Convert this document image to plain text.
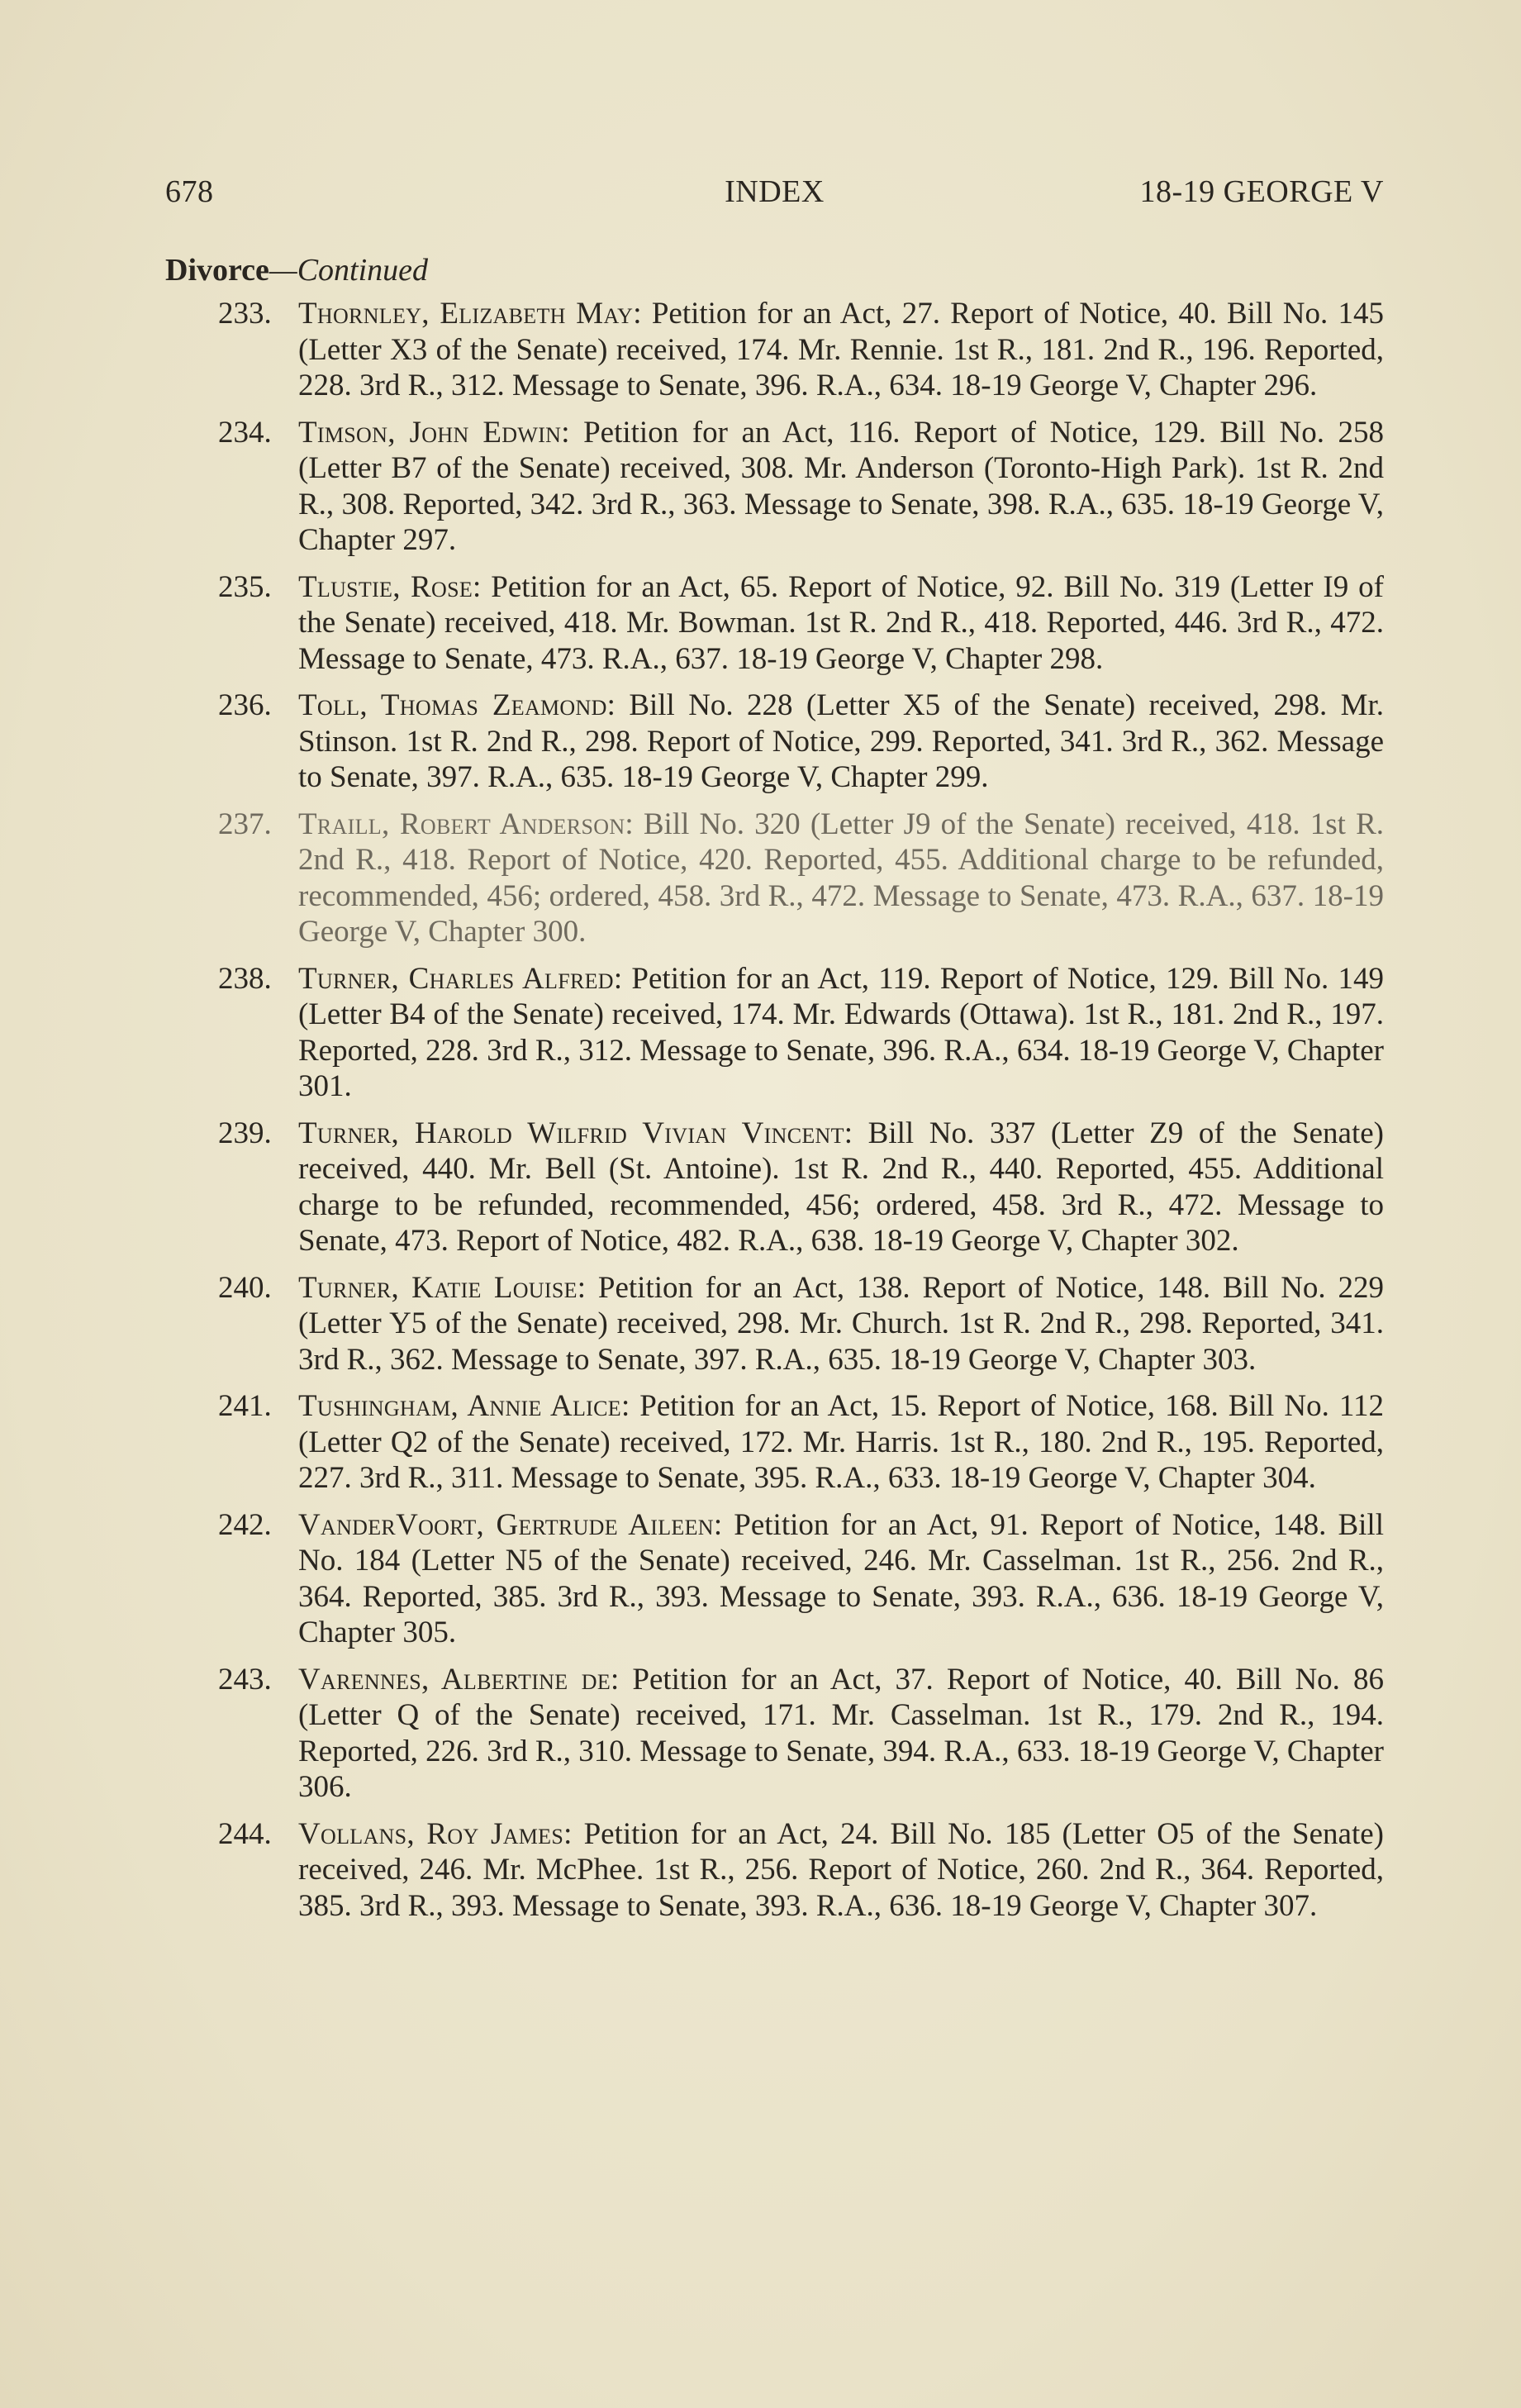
678	INDEX	18-19 GEORGE V
Divorce—Continued
233. Thornley, Elizabeth May: Petition for an Act, 27. Report of Notice, 40. Bill No. 145 (Letter X3 of the Senate) received, 174. Mr. Rennie. 1st R., 181. 2nd R., 196. Reported, 228. 3rd R., 312. Message to Senate, 396. R.A., 634. 18-19 George V, Chapter 296.
234. Timson, John Edwin: Petition for an Act, 116. Report of Notice, 129. Bill No. 258 (Letter B7 of the Senate) received, 308. Mr. Anderson (Toronto-High Park). 1st R. 2nd R., 308. Reported, 342. 3rd R., 363. Message to Senate, 398. R.A., 635. 18-19 George V, Chapter 297.
235. Tlustie, Rose: Petition for an Act, 65. Report of Notice, 92. Bill No. 319 (Letter I9 of the Senate) received, 418. Mr. Bowman. 1st R. 2nd R., 418. Reported, 446. 3rd R., 472. Message to Senate, 473. R.A., 637. 18-19 George V, Chapter 298.
236. Toll, Thomas Zeamond: Bill No. 228 (Letter X5 of the Senate) received, 298. Mr. Stinson. 1st R. 2nd R., 298. Report of Notice, 299. Reported, 341. 3rd R., 362. Message to Senate, 397. R.A., 635. 18-19 George V, Chapter 299.
237. Traill, Robert Anderson: Bill No. 320 (Letter J9 of the Senate) received, 418. 1st R. 2nd R., 418. Report of Notice, 420. Reported, 455. Additional charge to be refunded, recommended, 456; ordered, 458. 3rd R., 472. Message to Senate, 473. R.A., 637. 18-19 George V, Chapter 300.
238. Turner, Charles Alfred: Petition for an Act, 119. Report of Notice, 129. Bill No. 149 (Letter B4 of the Senate) received, 174. Mr. Edwards (Ottawa). 1st R., 181. 2nd R., 197. Reported, 228. 3rd R., 312. Message to Senate, 396. R.A., 634. 18-19 George V, Chapter 301.
239. Turner, Harold Wilfrid Vivian Vincent: Bill No. 337 (Letter Z9 of the Senate) received, 440. Mr. Bell (St. Antoine). 1st R. 2nd R., 440. Reported, 455. Additional charge to be refunded, recommended, 456; ordered, 458. 3rd R., 472. Message to Senate, 473. Report of Notice, 482. R.A., 638. 18-19 George V, Chapter 302.
240. Turner, Katie Louise: Petition for an Act, 138. Report of Notice, 148. Bill No. 229 (Letter Y5 of the Senate) received, 298. Mr. Church. 1st R. 2nd R., 298. Reported, 341. 3rd R., 362. Message to Senate, 397. R.A., 635. 18-19 George V, Chapter 303.
241. Tushingham, Annie Alice: Petition for an Act, 15. Report of Notice, 168. Bill No. 112 (Letter Q2 of the Senate) received, 172. Mr. Harris. 1st R., 180. 2nd R., 195. Reported, 227. 3rd R., 311. Message to Senate, 395. R.A., 633. 18-19 George V, Chapter 304.
242. VanderVoort, Gertrude Aileen: Petition for an Act, 91. Report of Notice, 148. Bill No. 184 (Letter N5 of the Senate) received, 246. Mr. Casselman. 1st R., 256. 2nd R., 364. Reported, 385. 3rd R., 393. Message to Senate, 393. R.A., 636. 18-19 George V, Chapter 305.
243. Varennes, Albertine de: Petition for an Act, 37. Report of Notice, 40. Bill No. 86 (Letter Q of the Senate) received, 171. Mr. Casselman. 1st R., 179. 2nd R., 194. Reported, 226. 3rd R., 310. Message to Senate, 394. R.A., 633. 18-19 George V, Chapter 306.
244. Vollans, Roy James: Petition for an Act, 24. Bill No. 185 (Letter O5 of the Senate) received, 246. Mr. McPhee. 1st R., 256. Report of Notice, 260. 2nd R., 364. Reported, 385. 3rd R., 393. Message to Senate, 393. R.A., 636. 18-19 George V, Chapter 307.
